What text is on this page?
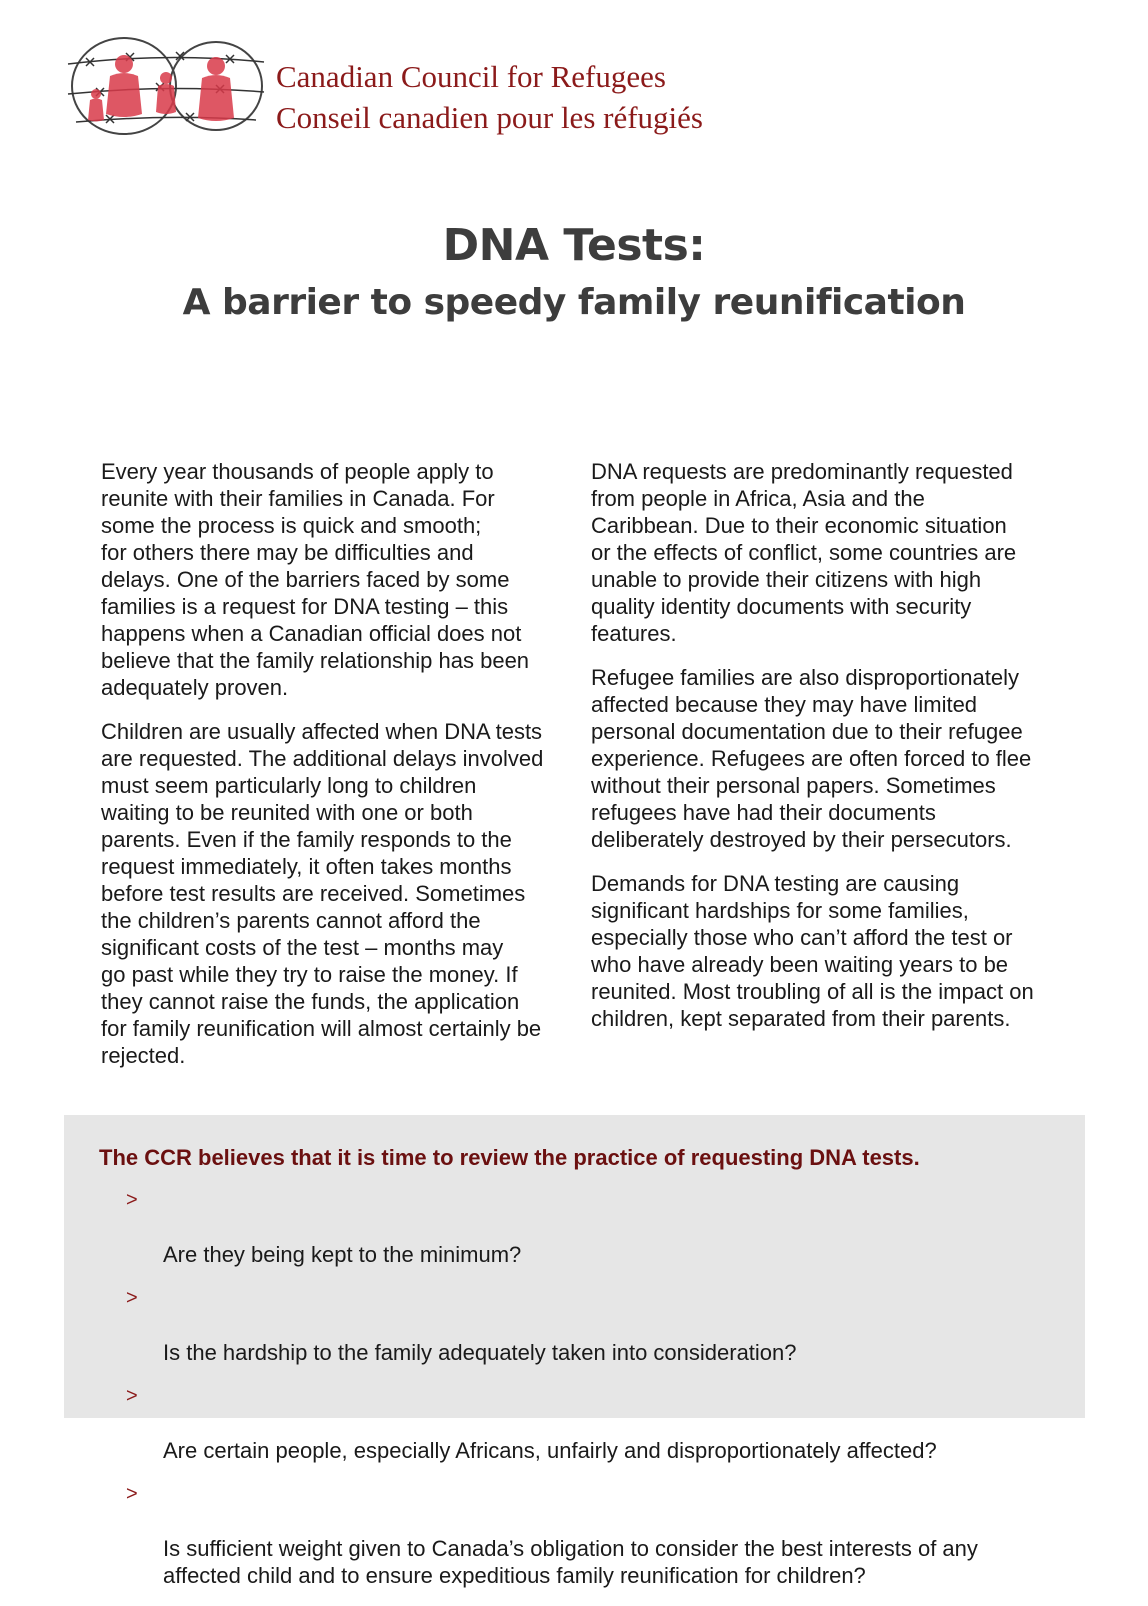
Canadian Council for Refugees
Conseil canadien pour les réfugiés
DNA Tests:
A barrier to speedy family reunification

Every year thousands of people apply to
reunite with their families in Canada. For
some the process is quick and smooth;
for others there may be difficulties and
delays. One of the barriers faced by some
families is a request for DNA testing – this
happens when a Canadian official does not
believe that the family relationship has been
adequately proven.

Children are usually affected when DNA tests
are requested. The additional delays involved
must seem particularly long to children
waiting to be reunited with one or both
parents. Even if the family responds to the
request immediately, it often takes months
before test results are received. Sometimes
the children’s parents cannot afford the
significant costs of the test – months may
go past while they try to raise the money. If
they cannot raise the funds, the application
for family reunification will almost certainly be
rejected.

DNA requests are predominantly requested
from people in Africa, Asia and the
Caribbean. Due to their economic situation
or the effects of conflict, some countries are
unable to provide their citizens with high
quality identity documents with security
features.

Refugee families are also disproportionately
affected because they may have limited
personal documentation due to their refugee
experience. Refugees are often forced to flee
without their personal papers. Sometimes
refugees have had their documents
deliberately destroyed by their persecutors.

Demands for DNA testing are causing
significant hardships for some families,
especially those who can’t afford the test or
who have already been waiting years to be
reunited. Most troubling of all is the impact on
children, kept separated from their parents.

The CCR believes that it is time to review the practice of requesting DNA tests.

>

Are they being kept to the minimum?

>

Is the hardship to the family adequately taken into consideration?

>

Are certain people, especially Africans, unfairly and disproportionately affected?

>

Is sufficient weight given to Canada’s obligation to consider the best interests of any
affected child and to ensure expeditious family reunification for children?
